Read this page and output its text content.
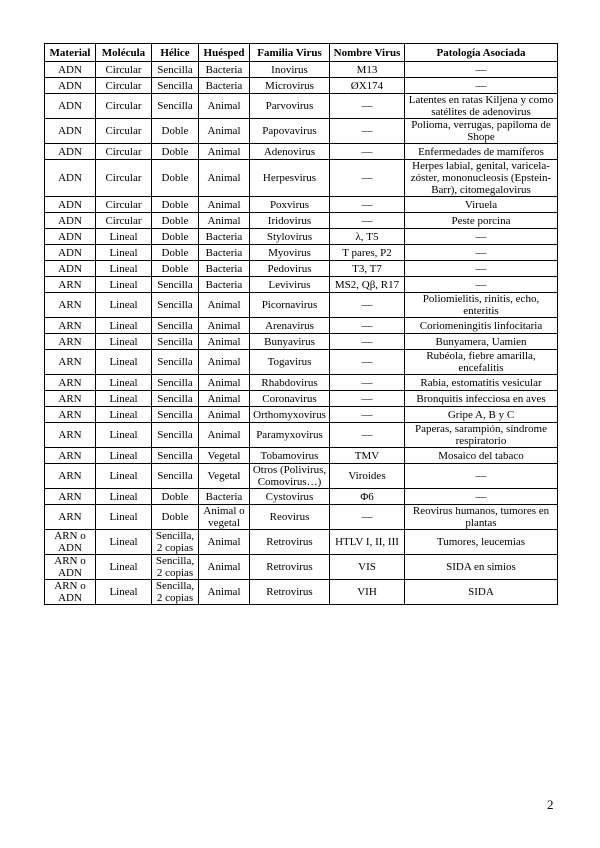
Material	Molécula	Hélice	Huésped	Familia Virus	Nombre Virus	Patología Asociada
ADN	Circular	Sencilla	Bacteria	Inovirus	M13	—
ADN	Circular	Sencilla	Bacteria	Microvirus	ØX174	—
ADN	Circular	Sencilla	Animal	Parvovirus	—	Latentes en ratas Kiljena y como satélites de adenovirus
ADN	Circular	Doble	Animal	Papovavirus	—	Polioma, verrugas, papiloma de Shope
ADN	Circular	Doble	Animal	Adenovirus	—	Enfermedades de mamíferos
ADN	Circular	Doble	Animal	Herpesvirus	—	Herpes labial, genital, varicela-zóster, mononucleosis (Epstein-Barr), citomegalovirus
ADN	Circular	Doble	Animal	Poxvirus	—	Viruela
ADN	Circular	Doble	Animal	Iridovirus	—	Peste porcina
ADN	Lineal	Doble	Bacteria	Stylovirus	λ, T5	—
ADN	Lineal	Doble	Bacteria	Myovirus	T pares, P2	—
ADN	Lineal	Doble	Bacteria	Pedovirus	T3, T7	—
ARN	Lineal	Sencilla	Bacteria	Levivirus	MS2, Qβ, R17	—
ARN	Lineal	Sencilla	Animal	Picornavirus	—	Poliomielitis, rinitis, echo, enteritis
ARN	Lineal	Sencilla	Animal	Arenavirus	—	Coriomeningitis linfocitaria
ARN	Lineal	Sencilla	Animal	Bunyavirus	—	Bunyamera, Uamien
ARN	Lineal	Sencilla	Animal	Togavirus	—	Rubéola, fiebre amarilla, encefalitis
ARN	Lineal	Sencilla	Animal	Rhabdovirus	—	Rabia, estomatitis vesicular
ARN	Lineal	Sencilla	Animal	Coronavirus	—	Bronquitis infecciosa en aves
ARN	Lineal	Sencilla	Animal	Orthomyxovirus	—	Gripe A, B y C
ARN	Lineal	Sencilla	Animal	Paramyxovirus	—	Paperas, sarampión, síndrome respiratorio
ARN	Lineal	Sencilla	Vegetal	Tobamovirus	TMV	Mosaico del tabaco
ARN	Lineal	Sencilla	Vegetal	Otros (Polivirus, Comovirus…)	Viroides	—
ARN	Lineal	Doble	Bacteria	Cystovirus	Φ6	—
ARN	Lineal	Doble	Animal o vegetal	Reovirus	—	Reovirus humanos, tumores en plantas
ARN o ADN	Lineal	Sencilla, 2 copias	Animal	Retrovirus	HTLV I, II, III	Tumores, leucemias
ARN o ADN	Lineal	Sencilla, 2 copias	Animal	Retrovirus	VIS	SIDA en simios
ARN o ADN	Lineal	Sencilla, 2 copias	Animal	Retrovirus	VIH	SIDA
2
